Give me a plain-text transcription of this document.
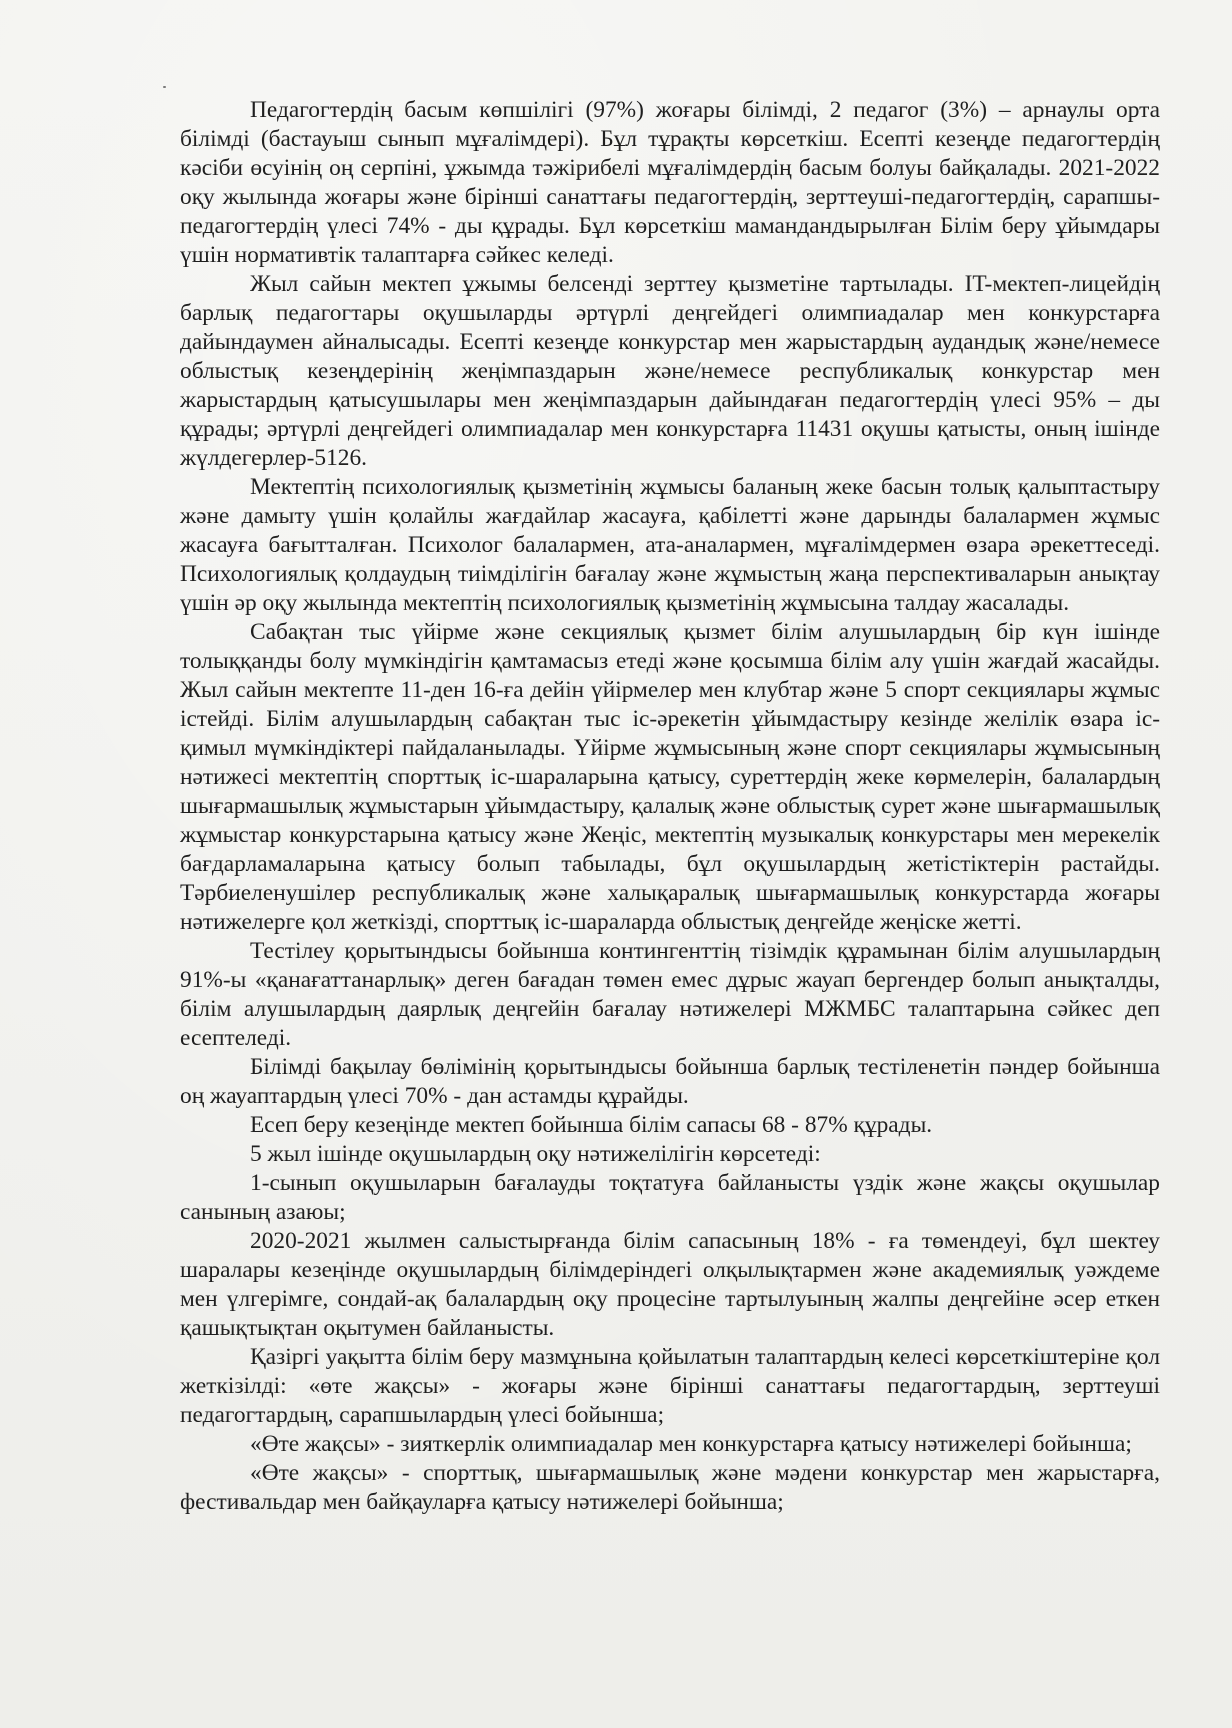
Педагогтердің басым көпшілігі (97%) жоғары білімді, 2 педагог (3%) – арнаулы орта білімді (бастауыш сынып мұғалімдері). Бұл тұрақты көрсеткіш. Есепті кезеңде педагогтердің кәсіби өсуінің оң серпіні, ұжымда тәжірибелі мұғалімдердің басым болуы байқалады. 2021-2022 оқу жылында жоғары және бірінші санаттағы педагогтердің, зерттеуші-педагогтердің, сарапшы-педагогтердің үлесі 74% - ды құрады. Бұл көрсеткіш мамандандырылған Білім беру ұйымдары үшін нормативтік талаптарға сәйкес келеді.

Жыл сайын мектеп ұжымы белсенді зерттеу қызметіне тартылады. IT-мектеп-лицейдің барлық педагогтары оқушыларды әртүрлі деңгейдегі олимпиадалар мен конкурстарға дайындаумен айналысады. Есепті кезеңде конкурстар мен жарыстардың аудандық және/немесе облыстық кезеңдерінің жеңімпаздарын және/немесе республикалық конкурстар мен жарыстардың қатысушылары мен жеңімпаздарын дайындаған педагогтердің үлесі 95% – ды құрады; әртүрлі деңгейдегі олимпиадалар мен конкурстарға 11431 оқушы қатысты, оның ішінде жүлдегерлер-5126.

Мектептің психологиялық қызметінің жұмысы баланың жеке басын толық қалыптастыру және дамыту үшін қолайлы жағдайлар жасауға, қабілетті және дарынды балалармен жұмыс жасауға бағытталған. Психолог балалармен, ата-аналармен, мұғалімдермен өзара әрекеттеседі. Психологиялық қолдаудың тиімділігін бағалау және жұмыстың жаңа перспективаларын анықтау үшін әр оқу жылында мектептің психологиялық қызметінің жұмысына талдау жасалады.

Сабақтан тыс үйірме және секциялық қызмет білім алушылардың бір күн ішінде толыққанды болу мүмкіндігін қамтамасыз етеді және қосымша білім алу үшін жағдай жасайды. Жыл сайын мектепте 11-ден 16-ға дейін үйірмелер мен клубтар және 5 спорт секциялары жұмыс істейді. Білім алушылардың сабақтан тыс іс-әрекетін ұйымдастыру кезінде желілік өзара іс-қимыл мүмкіндіктері пайдаланылады. Үйірме жұмысының және спорт секциялары жұмысының нәтижесі мектептің спорттық іс-шараларына қатысу, суреттердің жеке көрмелерін, балалардың шығармашылық жұмыстарын ұйымдастыру, қалалық және облыстық сурет және шығармашылық жұмыстар конкурстарына қатысу және Жеңіс, мектептің музыкалық конкурстары мен мерекелік бағдарламаларына қатысу болып табылады, бұл оқушылардың жетістіктерін растайды. Тәрбиеленушілер республикалық және халықаралық шығармашылық конкурстарда жоғары нәтижелерге қол жеткізді, спорттық іс-шараларда облыстық деңгейде жеңіске жетті.

Тестілеу қорытындысы бойынша контингенттің тізімдік құрамынан білім алушылардың 91%-ы «қанағаттанарлық» деген бағадан төмен емес дұрыс жауап бергендер болып анықталды, білім алушылардың даярлық деңгейін бағалау нәтижелері МЖМБС талаптарына сәйкес деп есептеледі.

Білімді бақылау бөлімінің қорытындысы бойынша барлық тестіленетін пәндер бойынша оң жауаптардың үлесі 70% - дан астамды құрайды.

Есеп беру кезеңінде мектеп бойынша білім сапасы 68 - 87% құрады.

5 жыл ішінде оқушылардың оқу нәтижелілігін көрсетеді:

1-сынып оқушыларын бағалауды тоқтатуға байланысты үздік және жақсы оқушылар санының азаюы;

2020-2021 жылмен салыстырғанда білім сапасының 18% - ға төмендеуі, бұл шектеу шаралары кезеңінде оқушылардың білімдеріндегі олқылықтармен және академиялық уәждеме мен үлгерімге, сондай-ақ балалардың оқу процесіне тартылуының жалпы деңгейіне әсер еткен қашықтықтан оқытумен байланысты.

Қазіргі уақытта білім беру мазмұнына қойылатын талаптардың келесі көрсеткіштеріне қол жеткізілді: «өте жақсы» - жоғары және бірінші санаттағы педагогтардың, зерттеуші педагогтардың, сарапшылардың үлесі бойынша;

«Өте жақсы» - зияткерлік олимпиадалар мен конкурстарға қатысу нәтижелері бойынша;

«Өте жақсы» - спорттық, шығармашылық және мәдени конкурстар мен жарыстарға, фестивальдар мен байқауларға қатысу нәтижелері бойынша;
